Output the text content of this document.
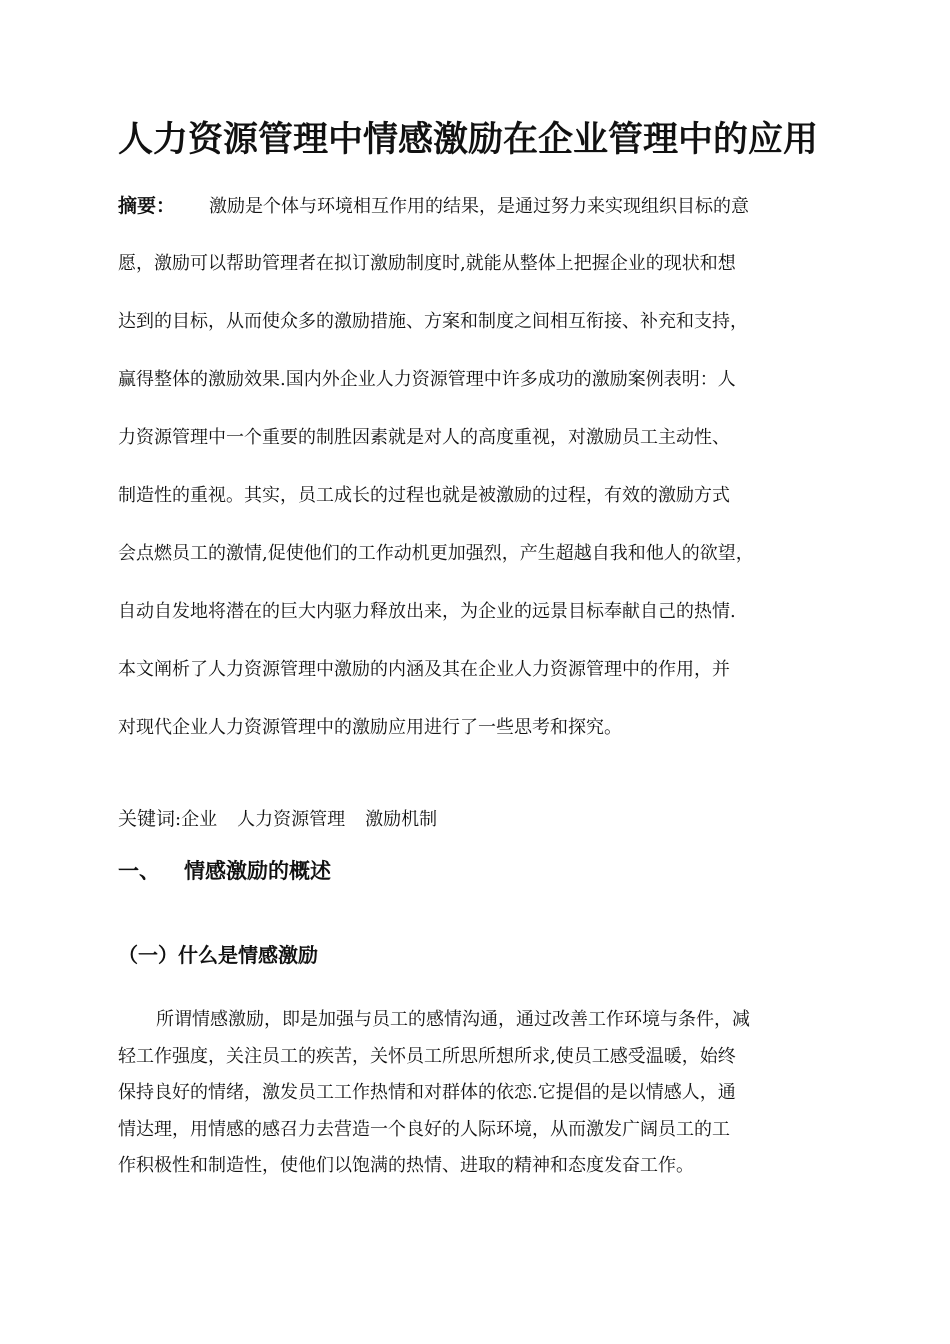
人力资源管理中情感激励在企业管理中的应用
摘要： 激励是个体与环境相互作用的结果，是通过努力来实现组织目标的意
愿，激励可以帮助管理者在拟订激励制度时,就能从整体上把握企业的现状和想
达到的目标，从而使众多的激励措施、方案和制度之间相互衔接、补充和支持，
赢得整体的激励效果.国内外企业人力资源管理中许多成功的激励案例表明：人
力资源管理中一个重要的制胜因素就是对人的高度重视，对激励员工主动性、
制造性的重视。其实，员工成长的过程也就是被激励的过程，有效的激励方式
会点燃员工的激情,促使他们的工作动机更加强烈，产生超越自我和他人的欲望，
自动自发地将潜在的巨大内驱力释放出来，为企业的远景目标奉献自己的热情.
本文阐析了人力资源管理中激励的内涵及其在企业人力资源管理中的作用，并
对现代企业人力资源管理中的激励应用进行了一些思考和探究。
关键词:企业 人力资源管理 激励机制
一、 情感激励的概述
（一）什么是情感激励
所谓情感激励，即是加强与员工的感情沟通，通过改善工作环境与条件，减
轻工作强度，关注员工的疾苦，关怀员工所思所想所求,使员工感受温暖，始终
保持良好的情绪，激发员工工作热情和对群体的依恋.它提倡的是以情感人，通
情达理，用情感的感召力去营造一个良好的人际环境，从而激发广阔员工的工
作积极性和制造性，使他们以饱满的热情、进取的精神和态度发奋工作。
